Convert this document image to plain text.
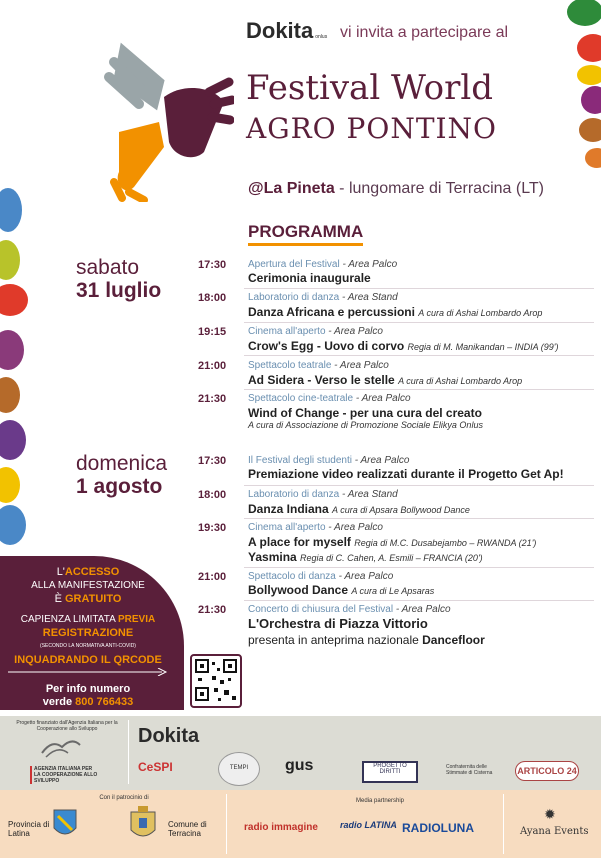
Dokita onlus vi invita a partecipare al
Festival World
AGRO PONTINO
@La Pineta - lungomare di Terracina (LT)
PROGRAMMA
sabato
31 luglio
domenica
1 agosto
17:30 Apertura del Festival - Area Palco
Cerimonia inaugurale
18:00 Laboratorio di danza - Area Stand
Danza Africana e percussioni A cura di Ashai Lombardo Arop
19:15 Cinema all'aperto - Area Palco
Crow's Egg - Uovo di corvo Regia di M. Manikandan – INDIA (99')
21:00 Spettacolo teatrale - Area Palco
Ad Sidera - Verso le stelle A cura di Ashai Lombardo Arop
21:30 Spettacolo cine-teatrale - Area Palco
Wind of Change - per una cura del creato
A cura di Associazione di Promozione Sociale Elikya Onlus
17:30 Il Festival degli studenti - Area Palco
Premiazione video realizzati durante il Progetto Get Ap!
18:00 Laboratorio di danza - Area Stand
Danza Indiana A cura di Apsara Bollywood Dance
19:30 Cinema all'aperto - Area Palco
A place for myself Regia di M.C. Dusabejambo – RWANDA (21')
Yasmina Regia di C. Cahen, A. Esmili – FRANCIA (20')
21:00 Spettacolo di danza - Area Palco
Bollywood Dance A cura di Le Apsaras
21:30 Concerto di chiusura del Festival - Area Palco
L'Orchestra di Piazza Vittorio
presenta in anteprima nazionale Dancefloor
L'ACCESSO
ALLA MANIFESTAZIONE
È GRATUITO
CAPIENZA LIMITATA PREVIA
REGISTRAZIONE
(SECONDO LA NORMATIVA ANTI-COVID)
INQUADRANDO IL QRCODE
Per info numero
verde 800 766433
Progetto finanziato dall'Agenzia Italiana per la Cooperazione allo Sviluppo
AGENZIA ITALIANA PER LA COOPERAZIONE ALLO SVILUPPO
Dokita
CeSPI	TEMPI	gus	PROGETTO DIRITTI
Confraternita delle Stimmate di Cisterna	ARTICOLO 24
Con il patrocinio di
Provincia di Latina
Comune di Terracina
Media partnership
radio immagine radio LATINA RADIOLUNA
✹
Ayana Events
